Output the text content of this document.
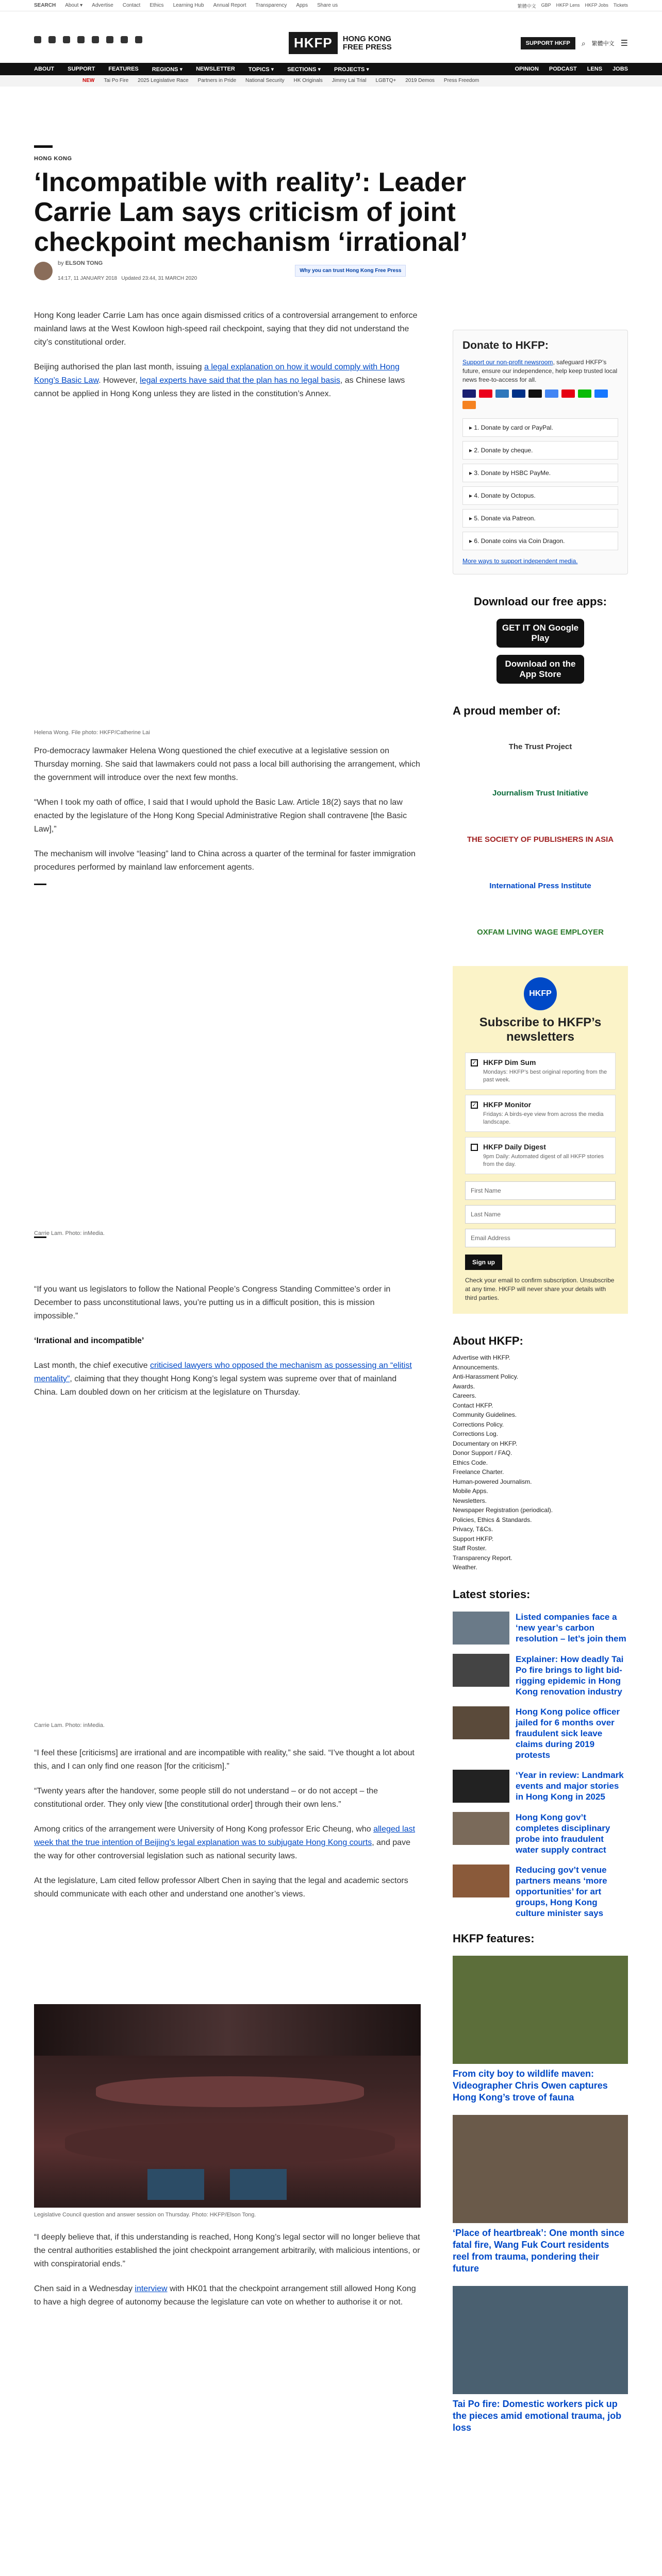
SEARCH About ▾ Advertise Contact Ethics Learning Hub Annual Report Transparency Apps Share us	繁體中文 GBP HKFP Lens HKFP Jobs Tickets
HKFP	HONG KONG
FREE PRESS	SUPPORT HKFP	⌕ 繁體中文 ☰
ABOUT SUPPORT FEATURES REGIONS ▾ NEWSLETTER TOPICS ▾ SECTIONS ▾ PROJECTS ▾	OPINION PODCAST LENS JOBS
NEW Tai Po Fire 2025 Legislative Race Partners in Pride National Security HK Originals Jimmy Lai Trial LGBTQ+ 2019 Demos Press Freedom
HONG KONG
‘Incompatible with reality’: Leader Carrie Lam says criticism of joint checkpoint mechanism ‘irrational’
by ELSON TONG
14:17, 11 JANUARY 2018 Updated 23:44, 31 MARCH 2020
Why you can trust Hong Kong Free Press

Hong Kong leader Carrie Lam has once again dismissed critics of a controversial arrangement to enforce mainland laws at the West Kowloon high-speed rail checkpoint, saying that they did not understand the city’s constitutional order.

Beijing authorised the plan last month, issuing a legal explanation on how it would comply with Hong Kong’s Basic Law. However, legal experts have said that the plan has no legal basis, as Chinese laws cannot be applied in Hong Kong unless they are listed in the constitution’s Annex.

Helena Wong. File photo: HKFP/Catherine Lai

Pro-democracy lawmaker Helena Wong questioned the chief executive at a legislative session on Thursday morning. She said that lawmakers could not pass a local bill authorising the arrangement, which the government will introduce over the next few months.

“When I took my oath of office, I said that I would uphold the Basic Law. Article 18(2) says that no law enacted by the legislature of the Hong Kong Special Administrative Region shall contravene [the Basic Law],”

The mechanism will involve “leasing” land to China across a quarter of the terminal for faster immigration procedures performed by mainland law enforcement agents.

Carrie Lam. Photo: inMedia.

“If you want us legislators to follow the National People’s Congress Standing Committee’s order in December to pass unconstitutional laws, you’re putting us in a difficult position, this is mission impossible.”

‘Irrational and incompatible’

Last month, the chief executive criticised lawyers who opposed the mechanism as possessing an “elitist mentality”, claiming that they thought Hong Kong’s legal system was supreme over that of mainland China. Lam doubled down on her criticism at the legislature on Thursday.

Carrie Lam. Photo: inMedia.

“I feel these [criticisms] are irrational and are incompatible with reality,” she said. “I’ve thought a lot about this, and I can only find one reason [for the criticism].”

“Twenty years after the handover, some people still do not understand – or do not accept – the constitutional order. They only view [the constitutional order] through their own lens.”

Among critics of the arrangement were University of Hong Kong professor Eric Cheung, who alleged last week that the true intention of Beijing’s legal explanation was to subjugate Hong Kong courts, and pave the way for other controversial legislation such as national security laws.

At the legislature, Lam cited fellow professor Albert Chen in saying that the legal and academic sectors should communicate with each other and understand one another’s views.

Legislative Council question and answer session on Thursday. Photo: HKFP/Elson Tong.

“I deeply believe that, if this understanding is reached, Hong Kong’s legal sector will no longer believe that the central authorities established the joint checkpoint arrangement arbitrarily, with malicious intentions, or with conspiratorial ends.”

Chen said in a Wednesday interview with HK01 that the checkpoint arrangement still allowed Hong Kong to have a high degree of autonomy because the legislature can vote on whether to authorise it or not.

Donate to HKFP:

Support our non-profit newsroom, safeguard HKFP’s future, ensure our independence, help keep trusted local news free-to-access for all.

▸ 1. Donate by card or PayPal.
▸ 2. Donate by cheque.
▸ 3. Donate by HSBC PayMe.
▸ 4. Donate by Octopus.
▸ 5. Donate via Patreon.
▸ 6. Donate coins via Coin Dragon.
More ways to support independent media.
Download our free apps:
GET IT ON Google Play
Download on the App Store
A proud member of:
The Trust Project
Journalism Trust Initiative
THE SOCIETY OF PUBLISHERS IN ASIA
International Press Institute
OXFAM LIVING WAGE EMPLOYER
HKFP
Subscribe to HKFP’s newsletters
✓ HKFP Dim Sum
Mondays: HKFP’s best original reporting from the past week.
✓ HKFP Monitor
Fridays: A birds-eye view from across the media landscape.
HKFP Daily Digest
9pm Daily: Automated digest of all HKFP stories from the day.
First Name
Last Name
Email Address
Sign up
Check your email to confirm subscription. Unsubscribe at any time. HKFP will never share your details with third parties.
About HKFP:
Advertise with HKFP.
Announcements.
Anti-Harassment Policy.
Awards.
Careers.
Contact HKFP.
Community Guidelines.
Corrections Policy.
Corrections Log.
Documentary on HKFP.
Donor Support / FAQ.
Ethics Code.
Freelance Charter.
Human-powered Journalism.
Mobile Apps.
Newsletters.
Newspaper Registration (periodical).
Policies, Ethics & Standards.
Privacy, T&Cs.
Support HKFP.
Staff Roster.
Transparency Report.
Weather.
Latest stories:
Listed companies face a ‘new year’s carbon resolution – let’s join them
Explainer: How deadly Tai Po fire brings to light bid-rigging epidemic in Hong Kong renovation industry
Hong Kong police officer jailed for 6 months over fraudulent sick leave claims during 2019 protests
‘Year in review: Landmark events and major stories in Hong Kong in 2025
Hong Kong gov’t completes disciplinary probe into fraudulent water supply contract
Reducing gov’t venue partners means ‘more opportunities’ for art groups, Hong Kong culture minister says
HKFP features:
From city boy to wildlife maven: Videographer Chris Owen captures Hong Kong’s trove of fauna
‘Place of heartbreak’: One month since fatal fire, Wang Fuk Court residents reel from trauma, pondering their future
Tai Po fire: Domestic workers pick up the pieces amid emotional trauma, job loss
